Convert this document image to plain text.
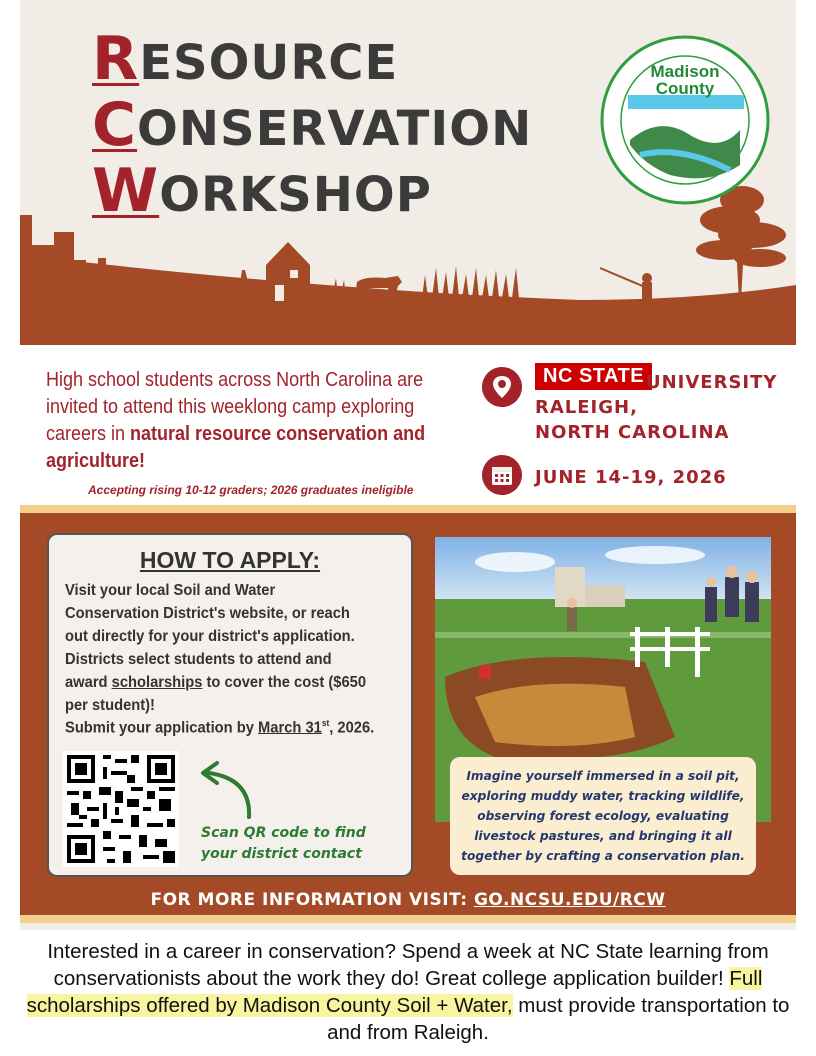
RESOURCE
CONSERVATION
WORKSHOP
Madison
County
High school students across North Carolina are invited to attend this weeklong camp exploring careers in natural resource conservation and agriculture!
Accepting rising 10-12 graders; 2026 graduates ineligible
NC STATE UNIVERSITY
RALEIGH,
NORTH CAROLINA
JUNE 14-19, 2026
HOW TO APPLY:
Visit your local Soil and Water Conservation District's website, or reach out directly for your district's application. Districts select students to attend and award scholarships to cover the cost ($650 per student)!
Submit your application by March 31st, 2026.
Scan QR code to find your district contact
Imagine yourself immersed in a soil pit, exploring muddy water, tracking wildlife, observing forest ecology, evaluating livestock pastures, and bringing it all together by crafting a conservation plan.
FOR MORE INFORMATION VISIT: GO.NCSU.EDU/RCW
Interested in a career in conservation? Spend a week at NC State learning from conservationists about the work they do! Great college application builder! Full scholarships offered by Madison County Soil + Water, must provide transportation to and from Raleigh.
